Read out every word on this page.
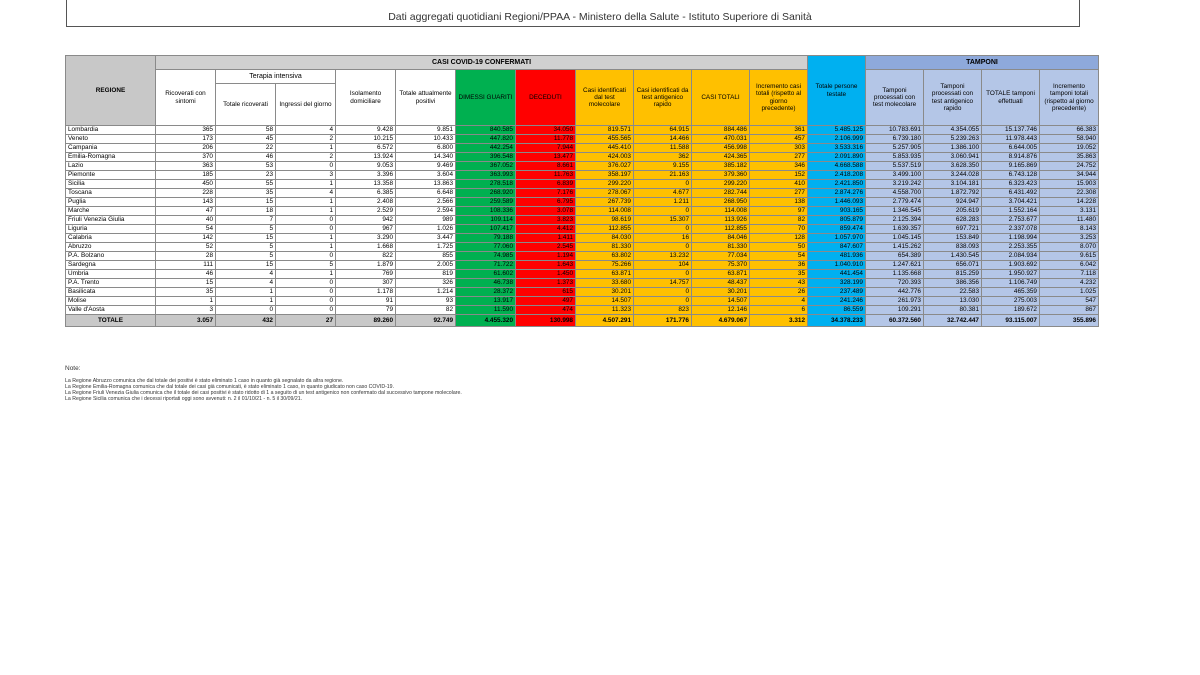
Dati aggregati quotidiani Regioni/PPAA - Ministero della Salute - Istituto Superiore di Sanità
REGIONE	CASI COVID-19 CONFERMATI											Totale persone testate	TAMPONI			
	Ricoverati con sintomi	Terapia intensiva		Isolamento domiciliare	Totale attualmente positivi	DIMESSI GUARITI	DECEDUTI	Casi identificati dal test molecolare	Casi identificati da test antigenico rapido	CASI TOTALI	Incremento casi totali (rispetto al giorno precedente)		Tamponi processati con test molecolare	Tamponi processati con test antigenico rapido	TOTALE tamponi effettuati	Incremento tamponi totali (rispetto al giorno precedente)
		Totale ricoverati	Ingressi del giorno													
Lombardia	365	58	4	9.428	9.851	840.585	34.050	819.571	64.915	884.486	361	5.485.125	10.783.691	4.354.055	15.137.746	66.383
Veneto	173	45	2	10.215	10.433	447.820	11.778	455.565	14.466	470.031	457	2.106.999	6.739.180	5.239.263	11.978.443	58.940
Campania	206	22	1	6.572	6.800	442.254	7.944	445.410	11.588	456.998	303	3.533.316	5.257.905	1.386.100	6.644.005	19.052
Emilia-Romagna	370	46	2	13.924	14.340	396.548	13.477	424.003	362	424.365	277	2.091.890	5.853.935	3.060.941	8.914.876	35.863
Lazio	363	53	0	9.053	9.469	367.052	8.661	376.027	9.155	385.182	346	4.668.588	5.537.519	3.628.350	9.165.869	24.752
Piemonte	185	23	3	3.396	3.604	363.993	11.763	358.197	21.163	379.360	152	2.418.208	3.499.100	3.244.028	6.743.128	34.944
Sicilia	450	55	1	13.358	13.863	278.518	6.839	299.220	0	299.220	410	2.421.850	3.219.242	3.104.181	6.323.423	15.903
Toscana	228	35	4	6.385	6.648	268.920	7.176	278.067	4.677	282.744	277	2.874.276	4.558.700	1.872.792	6.431.492	22.308
Puglia	143	15	1	2.408	2.566	259.589	6.795	267.739	1.211	268.950	138	1.446.093	2.779.474	924.947	3.704.421	14.228
Marche	47	18	1	2.529	2.594	108.336	3.078	114.008	0	114.008	97	903.165	1.346.545	205.619	1.552.164	3.131
Friuli Venezia Giulia	40	7	0	942	989	109.114	3.823	98.619	15.307	113.926	82	805.879	2.125.394	628.283	2.753.677	11.480
Liguria	54	5	0	967	1.026	107.417	4.412	112.855	0	112.855	70	859.474	1.639.357	697.721	2.337.078	8.143
Calabria	142	15	1	3.290	3.447	79.188	1.411	84.030	16	84.046	128	1.057.970	1.045.145	153.849	1.198.994	3.253
Abruzzo	52	5	1	1.668	1.725	77.060	2.545	81.330	0	81.330	50	847.607	1.415.262	838.093	2.253.355	8.070
P.A. Bolzano	28	5	0	822	855	74.985	1.194	63.802	13.232	77.034	54	481.936	654.389	1.430.545	2.084.934	9.615
Sardegna	111	15	5	1.879	2.005	71.722	1.643	75.266	104	75.370	36	1.040.910	1.247.621	656.071	1.903.692	6.042
Umbria	46	4	1	769	819	61.602	1.450	63.871	0	63.871	35	441.454	1.135.668	815.259	1.950.927	7.118
P.A. Trento	15	4	0	307	326	46.738	1.373	33.680	14.757	48.437	43	328.199	720.393	386.356	1.106.749	4.232
Basilicata	35	1	0	1.178	1.214	28.372	615	30.201	0	30.201	26	237.489	442.776	22.583	465.359	1.025
Molise	1	1	0	91	93	13.917	497	14.507	0	14.507	4	241.246	261.973	13.030	275.003	547
Valle d'Aosta	3	0	0	79	82	11.590	474	11.323	823	12.146	6	86.559	109.291	80.381	189.672	867
TOTALE	3.057	432	27	89.260	92.749	4.455.320	130.998	4.507.291	171.776	4.679.067	3.312	34.378.233	60.372.560	32.742.447	93.115.007	355.896
Note:
La Regione Abruzzo comunica che dal totale dei positivi è stato eliminato 1 caso in quanto già segnalato da altra regione.
La Regione Emilia-Romagna comunica che dal totale dei casi già comunicati, è stato eliminato 1 caso, in quanto giudicato non caso COVID-19.
La Regione Friuli Venezia Giulia comunica che il totale dei casi positivi è stato ridotto di 1 a seguito di un test antigenico non confermato dal successivo tampone molecolare.
La Regione Sicilia comunica che i decessi riportati oggi sono avvenuti: n. 2 il 01/10/21 - n. 5 il 30/09/21.
